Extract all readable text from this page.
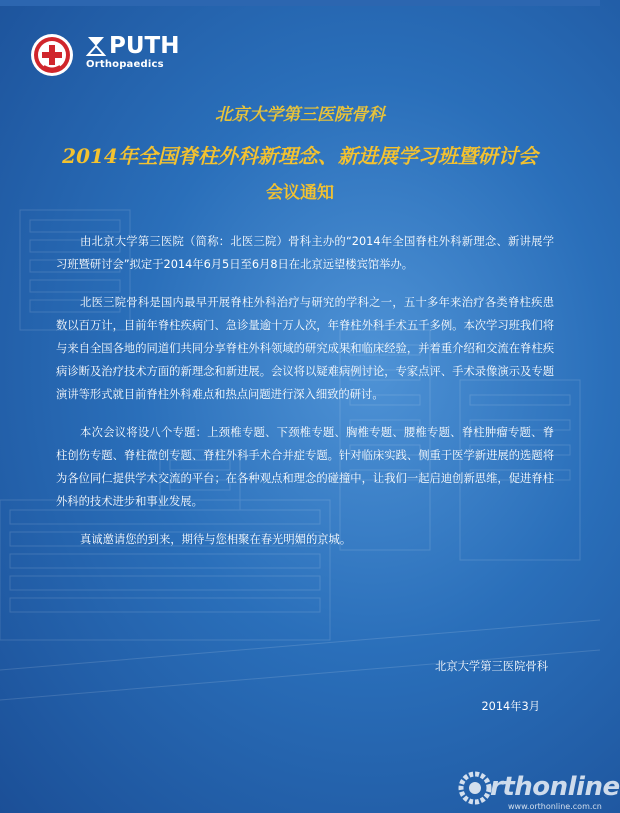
PUTH
Orthopaedics
北京大学第三医院骨科
2014年全国脊柱外科新理念、新进展学习班暨研讨会
会议通知

由北京大学第三医院（简称：北医三院）骨科主办的“2014年全国脊柱外科新理念、新讲展学习班暨研讨会”拟定于2014年6月5日至6月8日在北京远望楼宾馆举办。

北医三院骨科是国内最早开展脊柱外科治疗与研究的学科之一，五十多年来治疗各类脊柱疾患数以百万计，目前年脊柱疾病门、急诊量逾十万人次，年脊柱外科手术五千多例。本次学习班我们将与来自全国各地的同道们共同分享脊柱外科领域的研究成果和临床经验，并着重介绍和交流在脊柱疾病诊断及治疗技术方面的新理念和新进展。会议将以疑难病例讨论，专家点评、手术录像演示及专题演讲等形式就目前脊柱外科难点和热点问题进行深入细致的研讨。

本次会议将设八个专题：上颈椎专题、下颈椎专题、胸椎专题、腰椎专题、脊柱肿瘤专题、脊柱创伤专题、脊柱微创专题、脊柱外科手术合并症专题。针对临床实践、侧重于医学新进展的选题将为各位同仁提供学术交流的平台；在各种观点和理念的碰撞中，让我们一起启迪创新思维，促进脊柱外科的技术进步和事业发展。

真诚邀请您的到来，期待与您相聚在春光明媚的京城。

北京大学第三医院骨科
2014年3月
rthonline
www.orthonline.com.cn
